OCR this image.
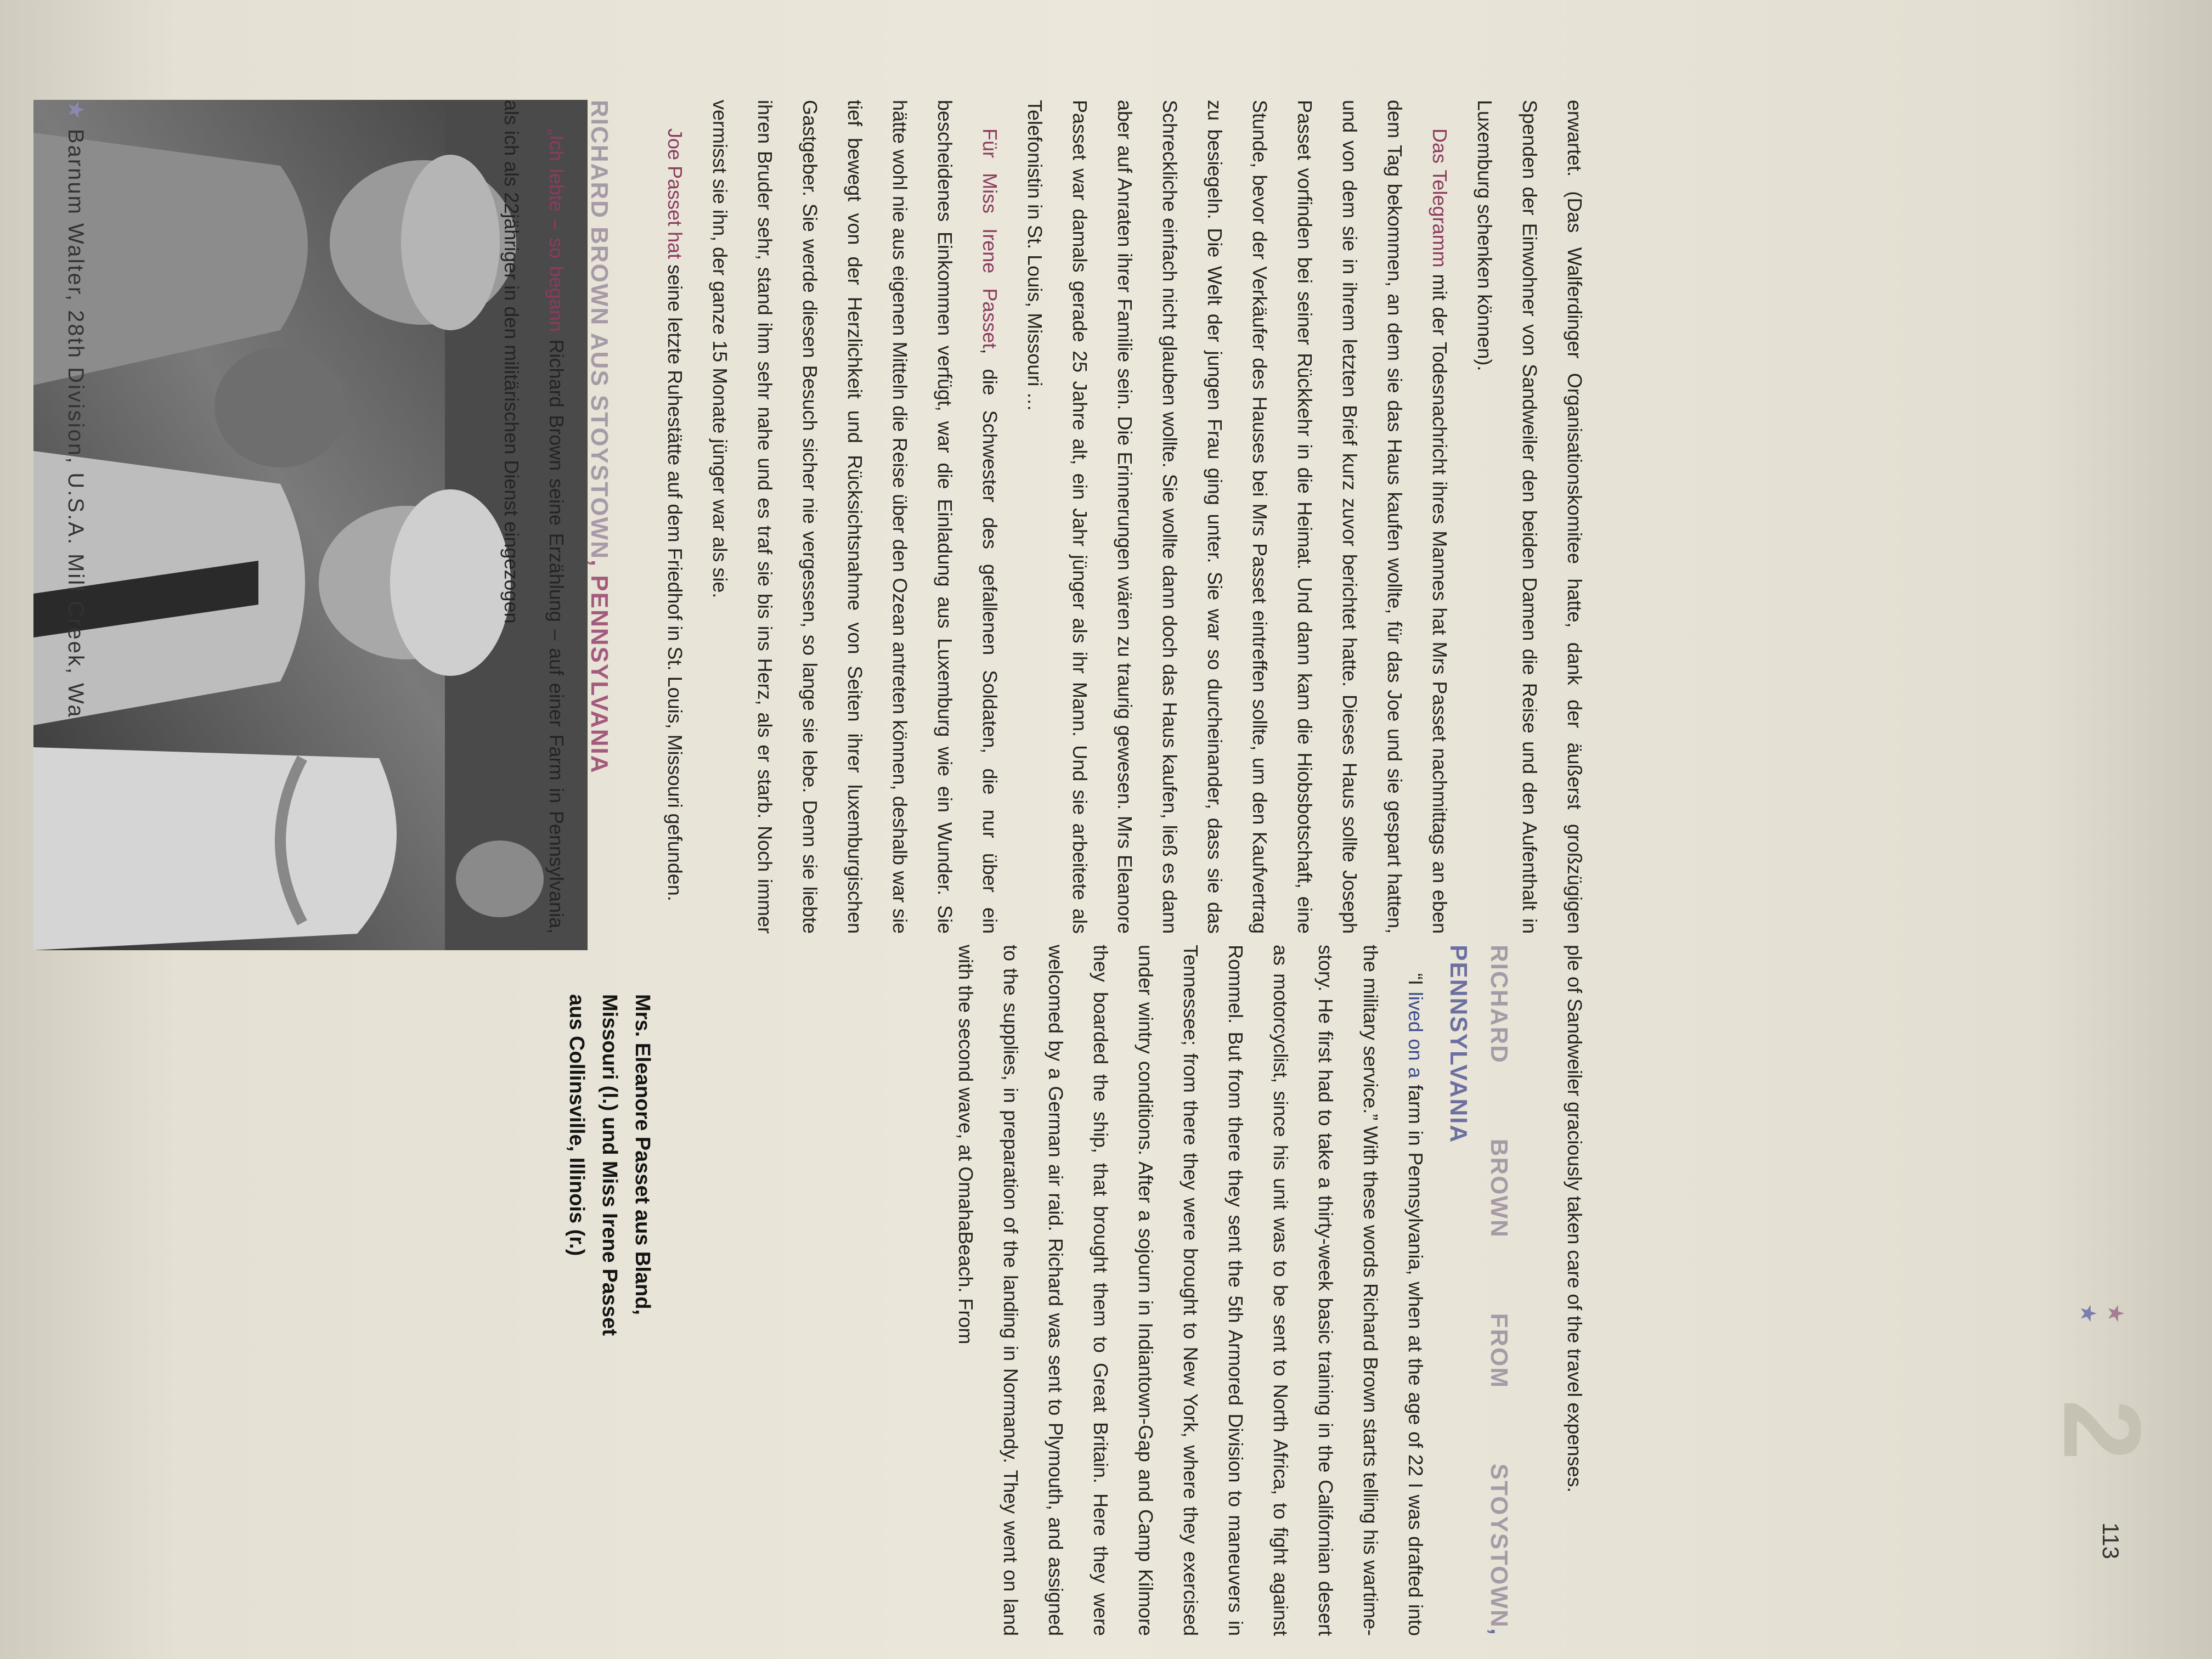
★
★
2
113
Mrs. Eleanore Passet aus Bland,
Missouri (l.) und Miss Irene Passet
aus Collinsville, Illinois (r.)

erwartet. (Das Walferdinger Organisationskomitee hatte, dank der äußerst großzügigen Spenden der Einwohner von Sandweiler den beiden Damen die Reise und den Aufenthalt in Luxemburg schenken können).

Das Telegramm mit der Todesnachricht ihres Mannes hat Mrs Passet nachmittags an eben dem Tag bekommen, an dem sie das Haus kaufen wollte, für das Joe und sie gespart hatten, und von dem sie in ihrem letzten Brief kurz zuvor berichtet hatte. Dieses Haus sollte Joseph Passet vorfinden bei seiner Rückkehr in die Heimat. Und dann kam die Hiobsbotschaft, eine Stunde, bevor der Verkäufer des Hauses bei Mrs Passet eintreffen sollte, um den Kaufvertrag zu besiegeln. Die Welt der jungen Frau ging unter. Sie war so durcheinander, dass sie das Schreckliche einfach nicht glauben wollte. Sie wollte dann doch das Haus kaufen, ließ es dann aber auf Anraten ihrer Familie sein. Die Erinnerungen wären zu traurig gewesen. Mrs Eleanore Passet war damals gerade 25 Jahre alt, ein Jahr jünger als ihr Mann. Und sie arbeitete als Telefonistin in St. Louis, Missouri …

Für Miss Irene Passet, die Schwester des gefallenen Soldaten, die nur über ein bescheidenes Einkommen verfügt, war die Einladung aus Luxemburg wie ein Wunder. Sie hätte wohl nie aus eigenen Mitteln die Reise über den Ozean antreten können, deshalb war sie tief bewegt von der Herzlichkeit und Rücksichtsnahme von Seiten ihrer luxemburgischen Gastgeber. Sie werde diesen Besuch sicher nie vergessen, so lange sie lebe. Denn sie liebte ihren Bruder sehr, stand ihm sehr nahe und es traf sie bis ins Herz, als er starb. Noch immer vermisst sie ihn, der ganze 15 Monate jünger war als sie.

Joe Passet hat seine letzte Ruhestätte auf dem Friedhof in St. Louis, Missouri gefunden.

RICHARD BROWN AUS STOYSTOWN, PENNSYLVANIA

„Ich lebte – so begann Richard Brown seine Erzählung – auf einer Farm in Pennsylvania, als ich als 22jähriger in den militärischen Dienst eingezogen

ple of Sandweiler graciously taken care of the travel expenses.

RICHARD BROWN FROM STOYSTOWN, PENNSYLVANIA

“I lived on a farm in Pennsylvania, when at the age of 22 I was drafted into the military service.” With these words Richard Brown starts telling his wartime-story. He first had to take a thirty-week basic training in the Californian desert as motorcyclist, since his unit was to be sent to North Africa, to fight against Rommel. But from there they sent the 5th Armored Division to maneuvers in Tennessee; from there they were brought to New York, where they exercised under wintry conditions. After a sojourn in Indiantown-Gap and Camp Kilmore they boarded the ship, that brought them to Great Britain. Here they were welcomed by a German air raid. Richard was sent to Plymouth, and assigned to the supplies, in preparation of the landing in Normandy. They went on land with the second wave, at OmahaBeach. From

★Barnum Walter, 28th Division, U.S.A. Mill Creek, Wa
